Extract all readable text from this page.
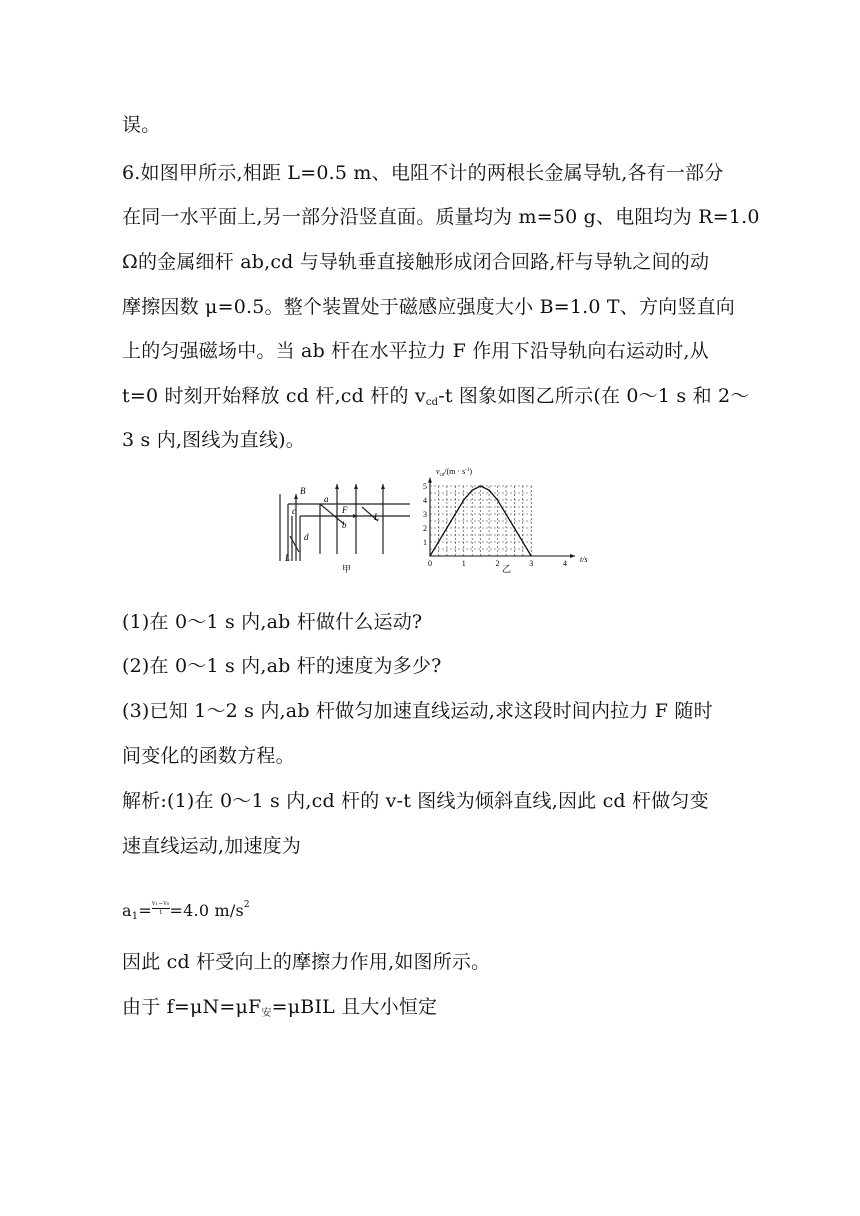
误。
6.如图甲所示,相距 L=0.5 m、电阻不计的两根长金属导轨,各有一部分
在同一水平面上,另一部分沿竖直面。质量均为 m=50 g、电阻均为 R=1.0
Ω的金属细杆 ab,cd 与导轨垂直接触形成闭合回路,杆与导轨之间的动
摩擦因数 μ=0.5。整个装置处于磁感应强度大小 B=1.0 T、方向竖直向
上的匀强磁场中。当 ab 杆在水平拉力 F 作用下沿导轨向右运动时,从
t=0 时刻开始释放 cd 杆,cd 杆的 $v_{cd}-t$ 图象如图乙所示(在 0～1 s 和 2～
3 s 内,图线为直线)。
B
a
F
L
c
b
d
L
甲
1
2
3
4
5
0	1	2	3	4
乙
$v_{cd}/(m \cdot s^{-1})$
t/s
(1)在 0～1 s 内,ab 杆做什么运动?
(2)在 0～1 s 内,ab 杆的速度为多少?
(3)已知 1～2 s 内,ab 杆做匀加速直线运动,求这段时间内拉力 F 随时
间变化的函数方程。
解析:(1)在 0～1 s 内,cd 杆的 v-t 图线为倾斜直线,因此 cd 杆做匀变
速直线运动,加速度为
$a_1= \frac{\text{v₁−v₀}}{t}=4.0$ $m/s^2$
因此 cd 杆受向上的摩擦力作用,如图所示。
由于 $f=\mu N=\mu F_安=\mu BIL$ 且大小恒定
